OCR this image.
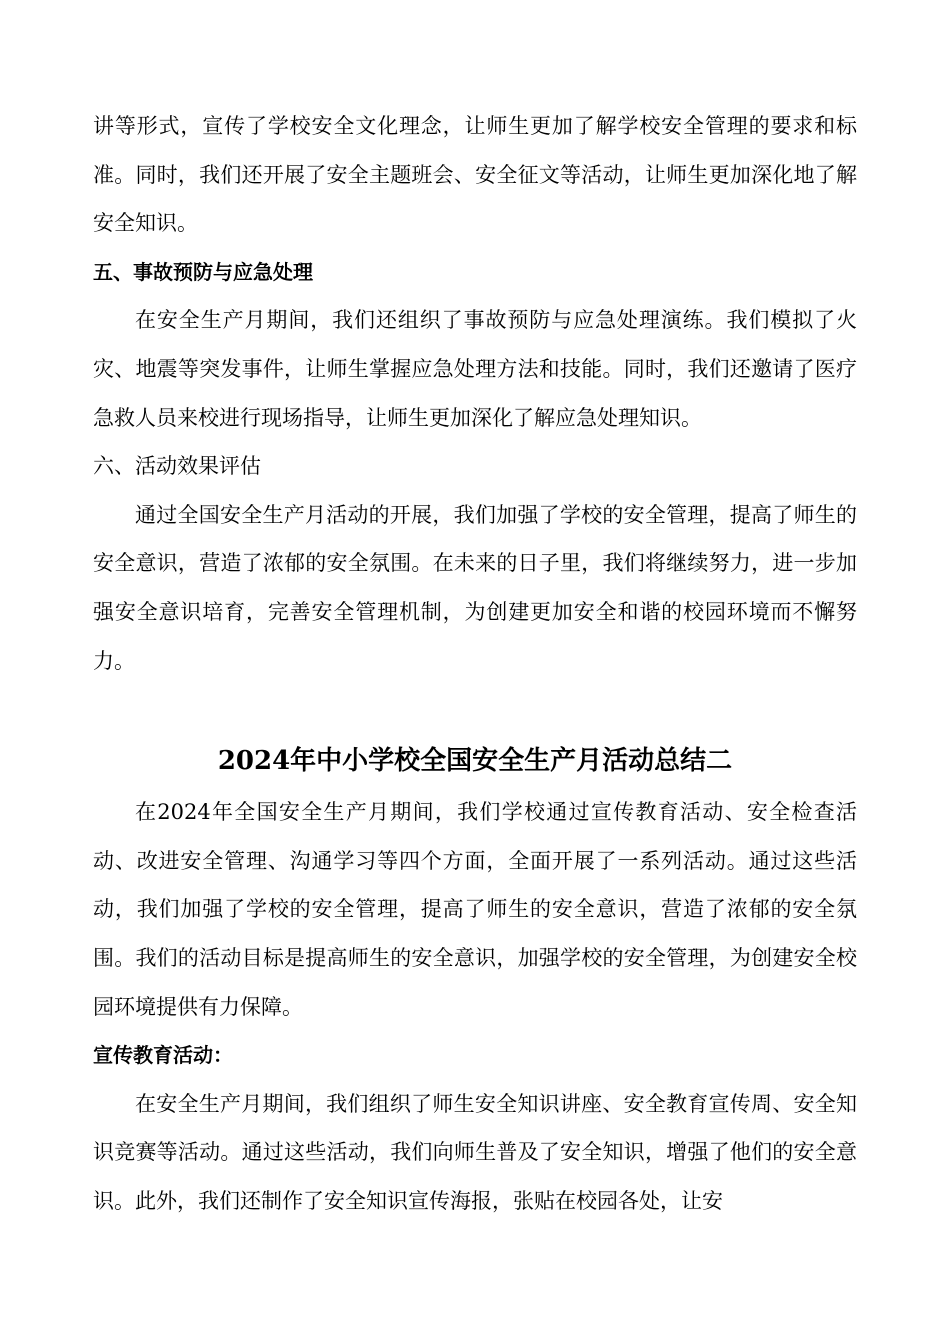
讲等形式，宣传了学校安全文化理念，让师生更加了解学校安全管理的要求和标准。同时，我们还开展了安全主题班会、安全征文等活动，让师生更加深化地了解安全知识。

五、事故预防与应急处理

在安全生产月期间，我们还组织了事故预防与应急处理演练。我们模拟了火灾、地震等突发事件，让师生掌握应急处理方法和技能。同时，我们还邀请了医疗急救人员来校进行现场指导，让师生更加深化了解应急处理知识。

六、活动效果评估

通过全国安全生产月活动的开展，我们加强了学校的安全管理，提高了师生的安全意识，营造了浓郁的安全氛围。在未来的日子里，我们将继续努力，进一步加强安全意识培育，完善安全管理机制，为创建更加安全和谐的校园环境而不懈努力。

2024年中小学校全国安全生产月活动总结二

在2024年全国安全生产月期间，我们学校通过宣传教育活动、安全检查活动、改进安全管理、沟通学习等四个方面，全面开展了一系列活动。通过这些活动，我们加强了学校的安全管理，提高了师生的安全意识，营造了浓郁的安全氛围。我们的活动目标是提高师生的安全意识，加强学校的安全管理，为创建安全校园环境提供有力保障。

宣传教育活动：

在安全生产月期间，我们组织了师生安全知识讲座、安全教育宣传周、安全知识竞赛等活动。通过这些活动，我们向师生普及了安全知识，增强了他们的安全意识。此外，我们还制作了安全知识宣传海报，张贴在校园各处，让安
